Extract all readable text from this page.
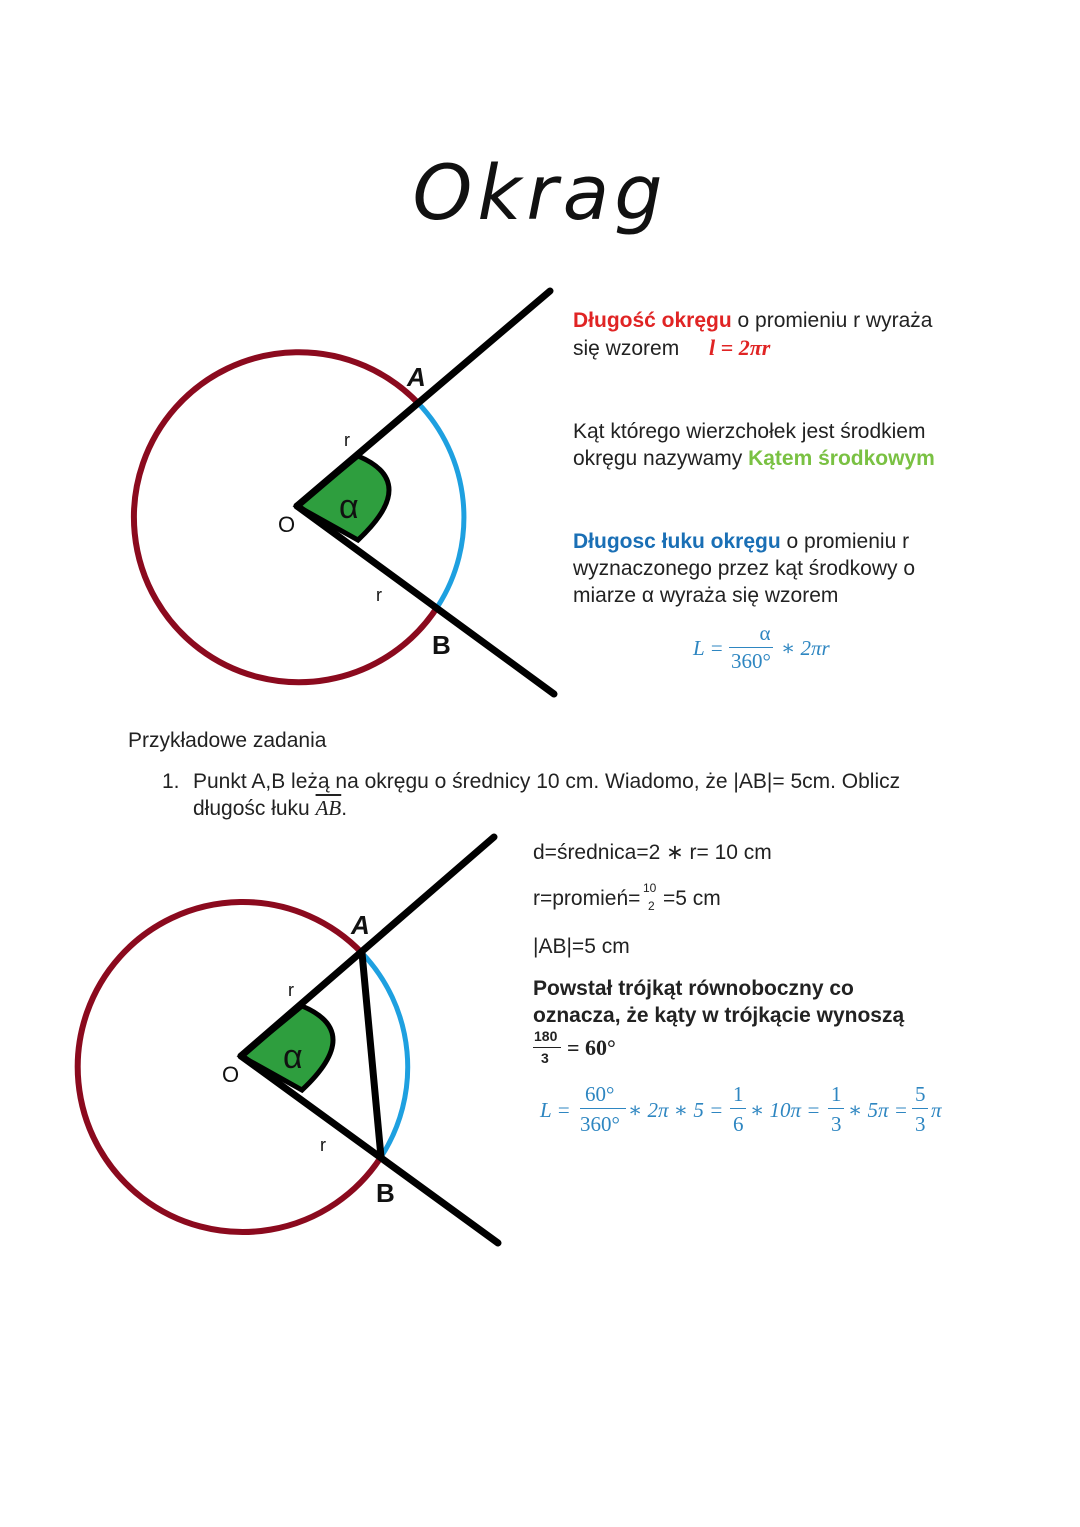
Okrag
O α
r
r
A
B
Długość okręgu o promieniu r wyraża
się wzorem l = 2πr
Kąt którego wierzchołek jest środkiem
okręgu nazywamy Kątem środkowym
Długosc łuku okręgu o promieniu r
wyznaczonego przez kąt środkowy o
miarze α wyraża się wzorem
L =
α
360°
∗ 2πr
Przykładowe zadania
1. Punkt A,B leżą na okręgu o średnicy 10 cm. Wiadomo, że |AB|= 5cm. Oblicz
długośc łuku $\overline{AB}$.
O α
r
r
A
B
d=średnica=2 ∗ r= 10 cm
r=promień= 10
2 =5 cm
|AB|=5 cm
Powstał trójkąt równoboczny co
oznacza, że kąty w trójkącie wynoszą
180
3 = 60°
L =
60°
360°
∗ 2π ∗ 5 =
1
6
∗ 10π =
1
3
∗ 5π =
5
3
π
